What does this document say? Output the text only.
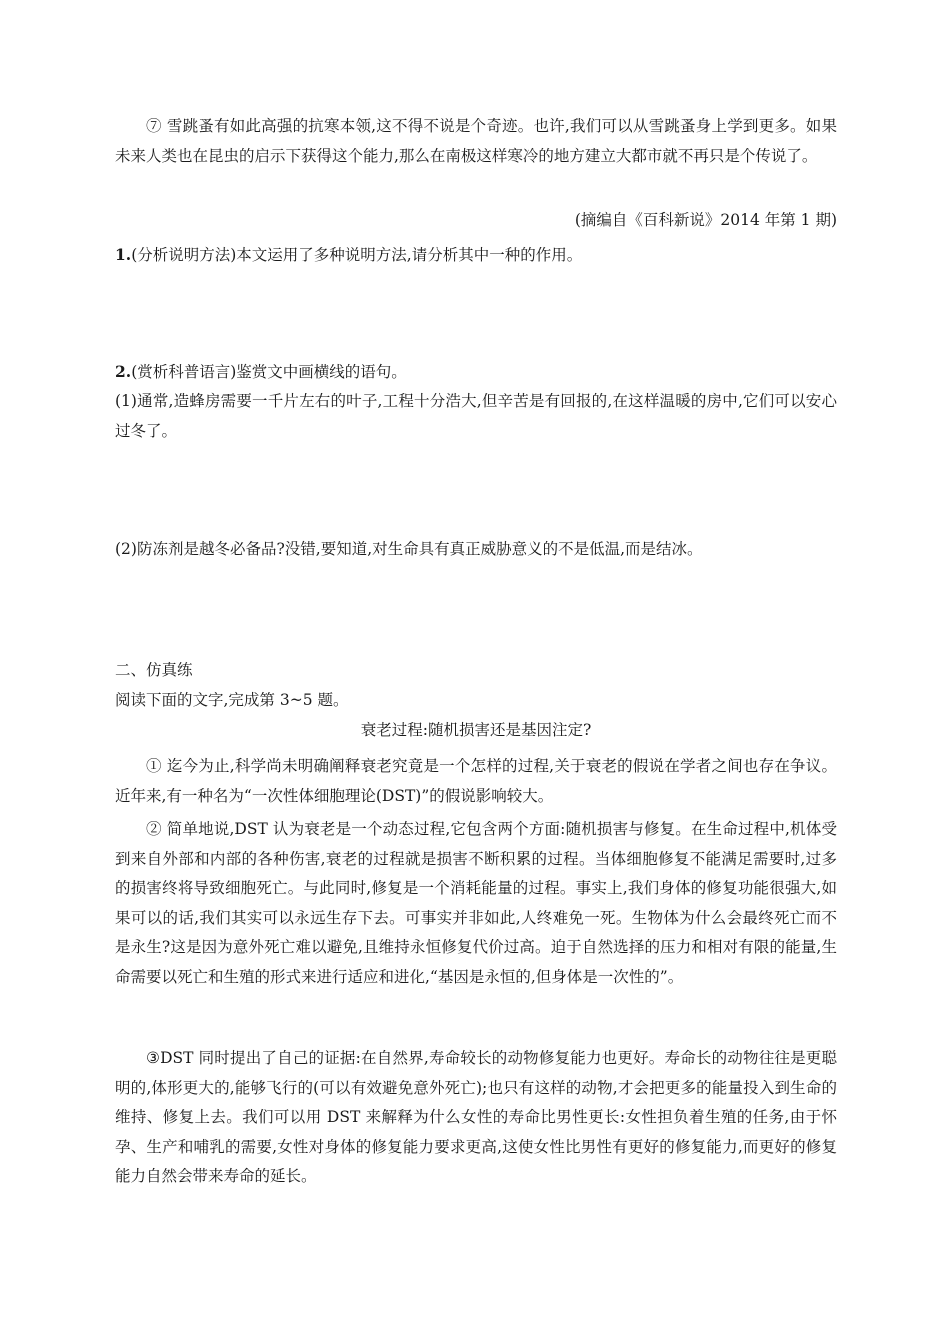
⑦ 雪跳蚤有如此高强的抗寒本领,这不得不说是个奇迹。也许,我们可以从雪跳蚤身上学到更多。如果未来人类也在昆虫的启示下获得这个能力,那么在南极这样寒冷的地方建立大都市就不再只是个传说了。

(摘编自《百科新说》2014 年第 1 期)

1.(分析说明方法)本文运用了多种说明方法,请分析其中一种的作用。

2.(赏析科普语言)鉴赏文中画横线的语句。

(1)通常,造蜂房需要一千片左右的叶子,工程十分浩大,但辛苦是有回报的,在这样温暖的房中,它们可以安心过冬了。

(2)防冻剂是越冬必备品?没错,要知道,对生命具有真正威胁意义的不是低温,而是结冰。

二、仿真练

阅读下面的文字,完成第 3~5 题。

衰老过程:随机损害还是基因注定?

① 迄今为止,科学尚未明确阐释衰老究竟是一个怎样的过程,关于衰老的假说在学者之间也存在争议。近年来,有一种名为“一次性体细胞理论(DST)”的假说影响较大。

② 简单地说,DST 认为衰老是一个动态过程,它包含两个方面:随机损害与修复。在生命过程中,机体受到来自外部和内部的各种伤害,衰老的过程就是损害不断积累的过程。当体细胞修复不能满足需要时,过多的损害终将导致细胞死亡。与此同时,修复是一个消耗能量的过程。事实上,我们身体的修复功能很强大,如果可以的话,我们其实可以永远生存下去。可事实并非如此,人终难免一死。生物体为什么会最终死亡而不是永生?这是因为意外死亡难以避免,且维持永恒修复代价过高。迫于自然选择的压力和相对有限的能量,生命需要以死亡和生殖的形式来进行适应和进化,“基因是永恒的,但身体是一次性的”。

③DST 同时提出了自己的证据:在自然界,寿命较长的动物修复能力也更好。寿命长的动物往往是更聪明的,体形更大的,能够飞行的(可以有效避免意外死亡);也只有这样的动物,才会把更多的能量投入到生命的维持、修复上去。我们可以用 DST 来解释为什么女性的寿命比男性更长:女性担负着生殖的任务,由于怀孕、生产和哺乳的需要,女性对身体的修复能力要求更高,这使女性比男性有更好的修复能力,而更好的修复能力自然会带来寿命的延长。
